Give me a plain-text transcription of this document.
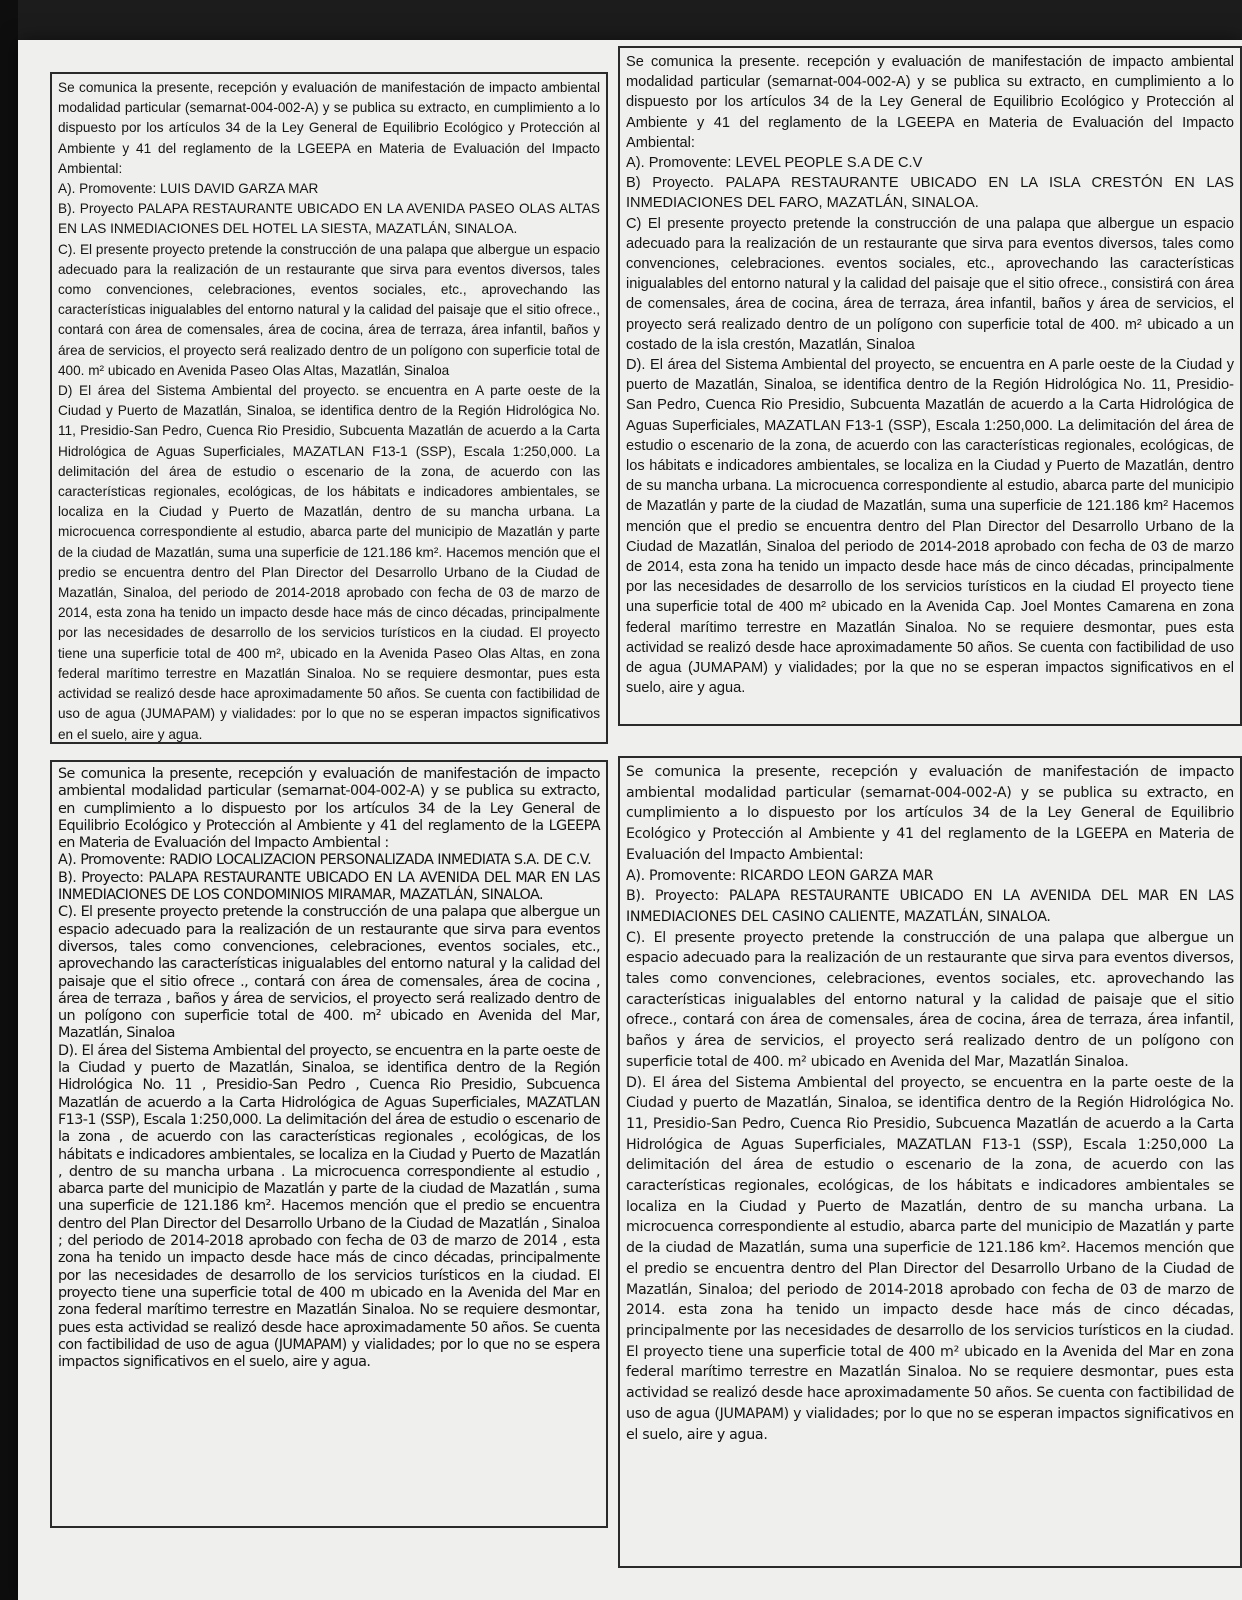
Se comunica la presente, recepción y evaluación de manifestación de impacto ambiental modalidad particular (semarnat-004-002-A) y se publica su extracto, en cumplimiento a lo dispuesto por los artículos 34 de la Ley General de Equilibrio Ecológico y Protección al Ambiente y 41 del reglamento de la LGEEPA en Materia de Evaluación del Impacto Ambiental:

A). Promovente: LUIS DAVID GARZA MAR

B). Proyecto PALAPA RESTAURANTE UBICADO EN LA AVENIDA PASEO OLAS ALTAS EN LAS INMEDIACIONES DEL HOTEL LA SIESTA, MAZATLÁN, SINALOA.

C). El presente proyecto pretende la construcción de una palapa que albergue un espacio adecuado para la realización de un restaurante que sirva para eventos diversos, tales como convenciones, celebraciones, eventos sociales, etc., aprovechando las características inigualables del entorno natural y la calidad del paisaje que el sitio ofrece., contará con área de comensales, área de cocina, área de terraza, área infantil, baños y área de servicios, el proyecto será realizado dentro de un polígono con superficie total de 400. m² ubicado en Avenida Paseo Olas Altas, Mazatlán, Sinaloa

D) El área del Sistema Ambiental del proyecto. se encuentra en A parte oeste de la Ciudad y Puerto de Mazatlán, Sinaloa, se identifica dentro de la Región Hidrológica No. 11, Presidio-San Pedro, Cuenca Rio Presidio, Subcuenta Mazatlán de acuerdo a la Carta Hidrológica de Aguas Superficiales, MAZATLAN F13-1 (SSP), Escala 1:250,000. La delimitación del área de estudio o escenario de la zona, de acuerdo con las características regionales, ecológicas, de los hábitats e indicadores ambientales, se localiza en la Ciudad y Puerto de Mazatlán, dentro de su mancha urbana. La microcuenca correspondiente al estudio, abarca parte del municipio de Mazatlán y parte de la ciudad de Mazatlán, suma una superficie de 121.186 km². Hacemos mención que el predio se encuentra dentro del Plan Director del Desarrollo Urbano de la Ciudad de Mazatlán, Sinaloa, del periodo de 2014-2018 aprobado con fecha de 03 de marzo de 2014, esta zona ha tenido un impacto desde hace más de cinco décadas, principalmente por las necesidades de desarrollo de los servicios turísticos en la ciudad. El proyecto tiene una superficie total de 400 m², ubicado en la Avenida Paseo Olas Altas, en zona federal marítimo terrestre en Mazatlán Sinaloa. No se requiere desmontar, pues esta actividad se realizó desde hace aproximadamente 50 años. Se cuenta con factibilidad de uso de agua (JUMAPAM) y vialidades: por lo que no se esperan impactos significativos en el suelo, aire y agua.

Se comunica la presente. recepción y evaluación de manifestación de impacto ambiental modalidad particular (semarnat-004-002-A) y se publica su extracto, en cumplimiento a lo dispuesto por los artículos 34 de la Ley General de Equilibrio Ecológico y Protección al Ambiente y 41 del reglamento de la LGEEPA en Materia de Evaluación del Impacto Ambiental:

A). Promovente: LEVEL PEOPLE S.A DE C.V

B) Proyecto. PALAPA RESTAURANTE UBICADO EN LA ISLA CRESTÓN EN LAS INMEDIACIONES DEL FARO, MAZATLÁN, SINALOA.

C) El presente proyecto pretende la construcción de una palapa que albergue un espacio adecuado para la realización de un restaurante que sirva para eventos diversos, tales como convenciones, celebraciones. eventos sociales, etc., aprovechando las características inigualables del entorno natural y la calidad del paisaje que el sitio ofrece., consistirá con área de comensales, área de cocina, área de terraza, área infantil, baños y área de servicios, el proyecto será realizado dentro de un polígono con superficie total de 400. m² ubicado a un costado de la isla crestón, Mazatlán, Sinaloa

D). El área del Sistema Ambiental del proyecto, se encuentra en A parle oeste de la Ciudad y puerto de Mazatlán, Sinaloa, se identifica dentro de la Región Hidrológica No. 11, Presidio-San Pedro, Cuenca Rio Presidio, Subcuenta Mazatlán de acuerdo a la Carta Hidrológica de Aguas Superficiales, MAZATLAN F13-1 (SSP), Escala 1:250,000. La delimitación del área de estudio o escenario de la zona, de acuerdo con las características regionales, ecológicas, de los hábitats e indicadores ambientales, se localiza en la Ciudad y Puerto de Mazatlán, dentro de su mancha urbana. La microcuenca correspondiente al estudio, abarca parte del municipio de Mazatlán y parte de la ciudad de Mazatlán, suma una superficie de 121.186 km² Hacemos mención que el predio se encuentra dentro del Plan Director del Desarrollo Urbano de la Ciudad de Mazatlán, Sinaloa del periodo de 2014-2018 aprobado con fecha de 03 de marzo de 2014, esta zona ha tenido un impacto desde hace más de cinco décadas, principalmente por las necesidades de desarrollo de los servicios turísticos en la ciudad El proyecto tiene una superficie total de 400 m² ubicado en la Avenida Cap. Joel Montes Camarena en zona federal marítimo terrestre en Mazatlán Sinaloa. No se requiere desmontar, pues esta actividad se realizó desde hace aproximadamente 50 años. Se cuenta con factibilidad de uso de agua (JUMAPAM) y vialidades; por la que no se esperan impactos significativos en el suelo, aire y agua.

Se comunica la presente, recepción y evaluación de manifestación de impacto ambiental modalidad particular (semarnat-004-002-A) y se publica su extracto, en cumplimiento a lo dispuesto por los artículos 34 de la Ley General de Equilibrio Ecológico y Protección al Ambiente y 41 del reglamento de la LGEEPA en Materia de Evaluación del Impacto Ambiental :

A). Promovente: RADIO LOCALIZACION PERSONALIZADA INMEDIATA S.A. DE C.V.

B). Proyecto: PALAPA RESTAURANTE UBICADO EN LA AVENIDA DEL MAR EN LAS INMEDIACIONES DE LOS CONDOMINIOS MIRAMAR, MAZATLÁN, SINALOA.

C). El presente proyecto pretende la construcción de una palapa que albergue un espacio adecuado para la realización de un restaurante que sirva para eventos diversos, tales como convenciones, celebraciones, eventos sociales, etc., aprovechando las características inigualables del entorno natural y la calidad del paisaje que el sitio ofrece ., contará con área de comensales, área de cocina , área de terraza , baños y área de servicios, el proyecto será realizado dentro de un polígono con superficie total de 400. m² ubicado en Avenida del Mar, Mazatlán, Sinaloa

D). El área del Sistema Ambiental del proyecto, se encuentra en la parte oeste de la Ciudad y puerto de Mazatlán, Sinaloa, se identifica dentro de la Región Hidrológica No. 11 , Presidio-San Pedro , Cuenca Rio Presidio, Subcuenca Mazatlán de acuerdo a la Carta Hidrológica de Aguas Superficiales, MAZATLAN F13-1 (SSP), Escala 1:250,000. La delimitación del área de estudio o escenario de la zona , de acuerdo con las características regionales , ecológicas, de los hábitats e indicadores ambientales, se localiza en la Ciudad y Puerto de Mazatlán , dentro de su mancha urbana . La microcuenca correspondiente al estudio , abarca parte del municipio de Mazatlán y parte de la ciudad de Mazatlán , suma una superficie de 121.186 km². Hacemos mención que el predio se encuentra dentro del Plan Director del Desarrollo Urbano de la Ciudad de Mazatlán , Sinaloa ; del periodo de 2014-2018 aprobado con fecha de 03 de marzo de 2014 , esta zona ha tenido un impacto desde hace más de cinco décadas, principalmente por las necesidades de desarrollo de los servicios turísticos en la ciudad. El proyecto tiene una superficie total de 400 m ubicado en la Avenida del Mar en zona federal marítimo terrestre en Mazatlán Sinaloa. No se requiere desmontar, pues esta actividad se realizó desde hace aproximadamente 50 años. Se cuenta con factibilidad de uso de agua (JUMAPAM) y vialidades; por lo que no se espera impactos significativos en el suelo, aire y agua.

Se comunica la presente, recepción y evaluación de manifestación de impacto ambiental modalidad particular (semarnat-004-002-A) y se publica su extracto, en cumplimiento a lo dispuesto por los artículos 34 de la Ley General de Equilibrio Ecológico y Protección al Ambiente y 41 del reglamento de la LGEEPA en Materia de Evaluación del Impacto Ambiental:

A). Promovente: RICARDO LEON GARZA MAR

B). Proyecto: PALAPA RESTAURANTE UBICADO EN LA AVENIDA DEL MAR EN LAS INMEDIACIONES DEL CASINO CALIENTE, MAZATLÁN, SINALOA.

C). El presente proyecto pretende la construcción de una palapa que albergue un espacio adecuado para la realización de un restaurante que sirva para eventos diversos, tales como convenciones, celebraciones, eventos sociales, etc. aprovechando las características inigualables del entorno natural y la calidad de paisaje que el sitio ofrece., contará con área de comensales, área de cocina, área de terraza, área infantil, baños y área de servicios, el proyecto será realizado dentro de un polígono con superficie total de 400. m² ubicado en Avenida del Mar, Mazatlán Sinaloa.

D). El área del Sistema Ambiental del proyecto, se encuentra en la parte oeste de la Ciudad y puerto de Mazatlán, Sinaloa, se identifica dentro de la Región Hidrológica No. 11, Presidio-San Pedro, Cuenca Rio Presidio, Subcuenca Mazatlán de acuerdo a la Carta Hidrológica de Aguas Superficiales, MAZATLAN F13-1 (SSP), Escala 1:250,000 La delimitación del área de estudio o escenario de la zona, de acuerdo con las características regionales, ecológicas, de los hábitats e indicadores ambientales se localiza en la Ciudad y Puerto de Mazatlán, dentro de su mancha urbana. La microcuenca correspondiente al estudio, abarca parte del municipio de Mazatlán y parte de la ciudad de Mazatlán, suma una superficie de 121.186 km². Hacemos mención que el predio se encuentra dentro del Plan Director del Desarrollo Urbano de la Ciudad de Mazatlán, Sinaloa; del periodo de 2014-2018 aprobado con fecha de 03 de marzo de 2014. esta zona ha tenido un impacto desde hace más de cinco décadas, principalmente por las necesidades de desarrollo de los servicios turísticos en la ciudad. El proyecto tiene una superficie total de 400 m² ubicado en la Avenida del Mar en zona federal marítimo terrestre en Mazatlán Sinaloa. No se requiere desmontar, pues esta actividad se realizó desde hace aproximadamente 50 años. Se cuenta con factibilidad de uso de agua (JUMAPAM) y vialidades; por lo que no se esperan impactos significativos en el suelo, aire y agua.
